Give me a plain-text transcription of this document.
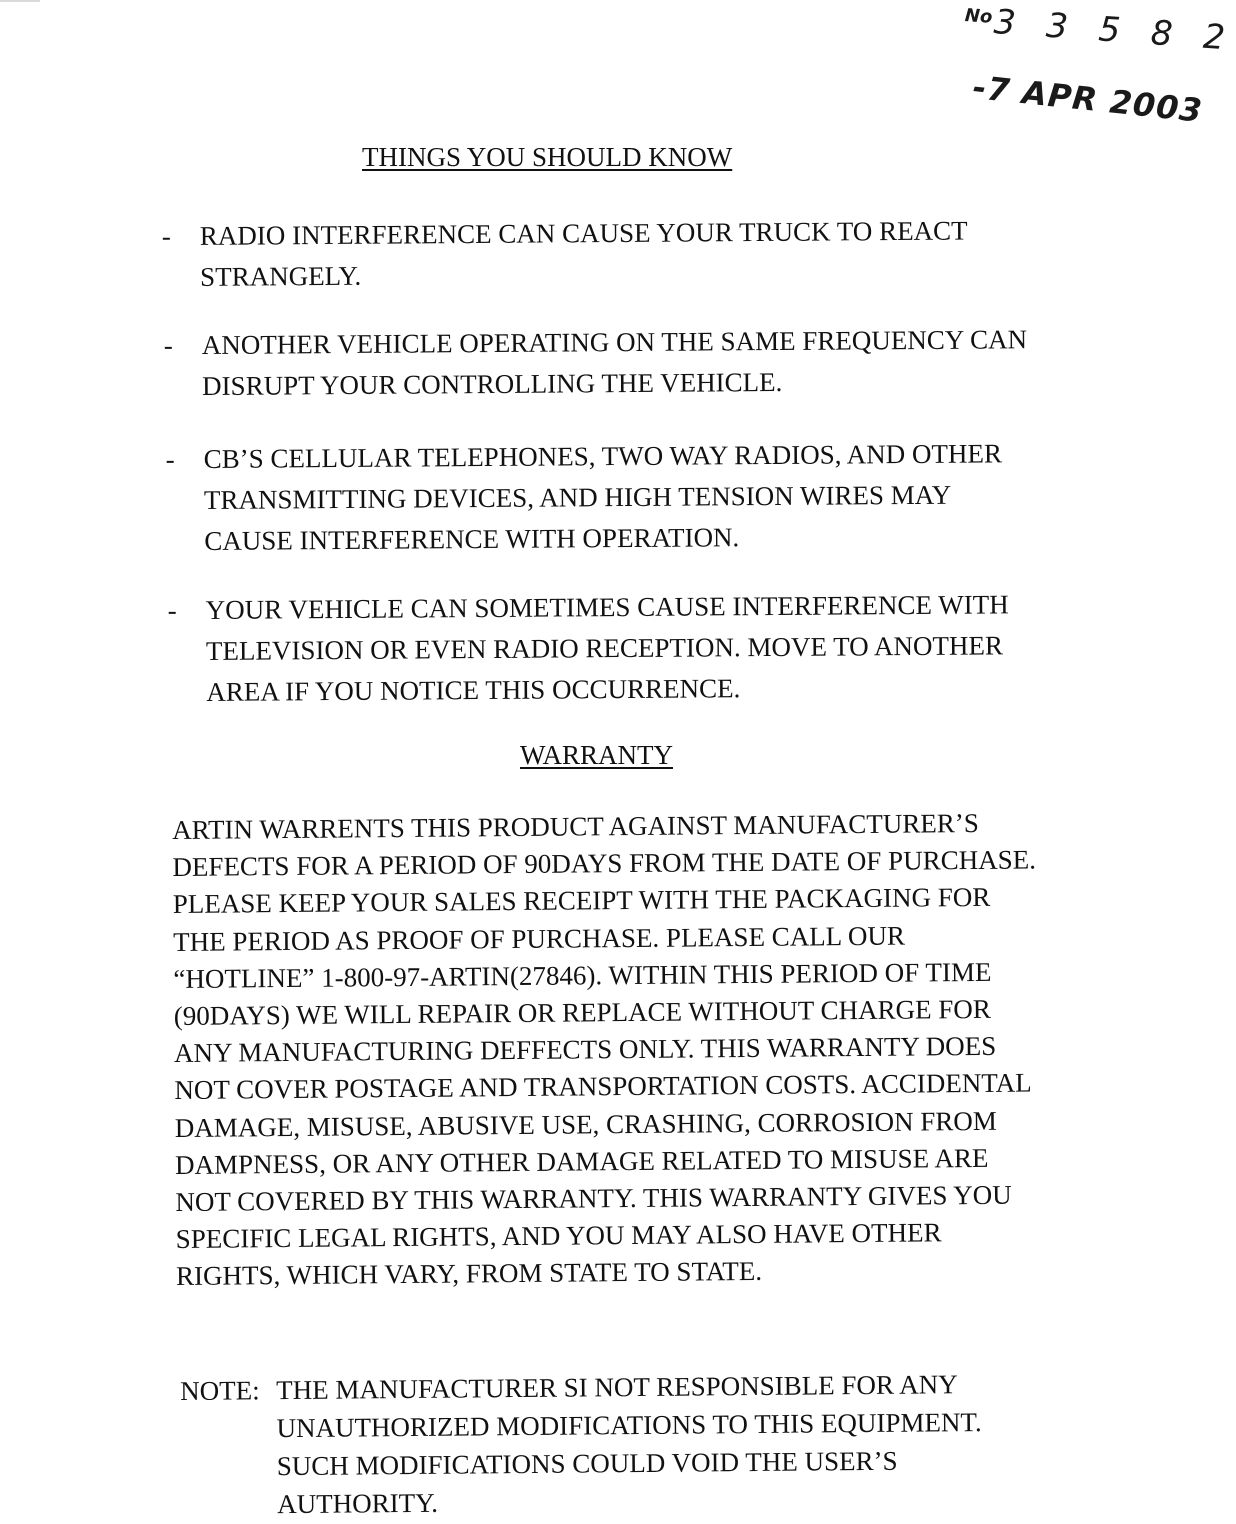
$^{No}$3 3 5 8 2
-7 APR 2003
THINGS YOU SHOULD KNOW
- RADIO INTERFERENCE CAN CAUSE YOUR TRUCK TO REACT
STRANGELY.
- ANOTHER VEHICLE OPERATING ON THE SAME FREQUENCY CAN
DISRUPT YOUR CONTROLLING THE VEHICLE.
- CB’S CELLULAR TELEPHONES, TWO WAY RADIOS, AND OTHER
TRANSMITTING DEVICES, AND HIGH TENSION WIRES MAY
CAUSE INTERFERENCE WITH OPERATION.
- YOUR VEHICLE CAN SOMETIMES CAUSE INTERFERENCE WITH
TELEVISION OR EVEN RADIO RECEPTION. MOVE TO ANOTHER
AREA IF YOU NOTICE THIS OCCURRENCE.
WARRANTY
ARTIN WARRENTS THIS PRODUCT AGAINST MANUFACTURER’S
DEFECTS FOR A PERIOD OF 90DAYS FROM THE DATE OF PURCHASE.
PLEASE KEEP YOUR SALES RECEIPT WITH THE PACKAGING FOR
THE PERIOD AS PROOF OF PURCHASE. PLEASE CALL OUR
“HOTLINE” 1-800-97-ARTIN(27846). WITHIN THIS PERIOD OF TIME
(90DAYS) WE WILL REPAIR OR REPLACE WITHOUT CHARGE FOR
ANY MANUFACTURING DEFFECTS ONLY. THIS WARRANTY DOES
NOT COVER POSTAGE AND TRANSPORTATION COSTS. ACCIDENTAL
DAMAGE, MISUSE, ABUSIVE USE, CRASHING, CORROSION FROM
DAMPNESS, OR ANY OTHER DAMAGE RELATED TO MISUSE ARE
NOT COVERED BY THIS WARRANTY. THIS WARRANTY GIVES YOU
SPECIFIC LEGAL RIGHTS, AND YOU MAY ALSO HAVE OTHER
RIGHTS, WHICH VARY, FROM STATE TO STATE.
NOTE: THE MANUFACTURER SI NOT RESPONSIBLE FOR ANY
UNAUTHORIZED MODIFICATIONS TO THIS EQUIPMENT.
SUCH MODIFICATIONS COULD VOID THE USER’S
AUTHORITY.
